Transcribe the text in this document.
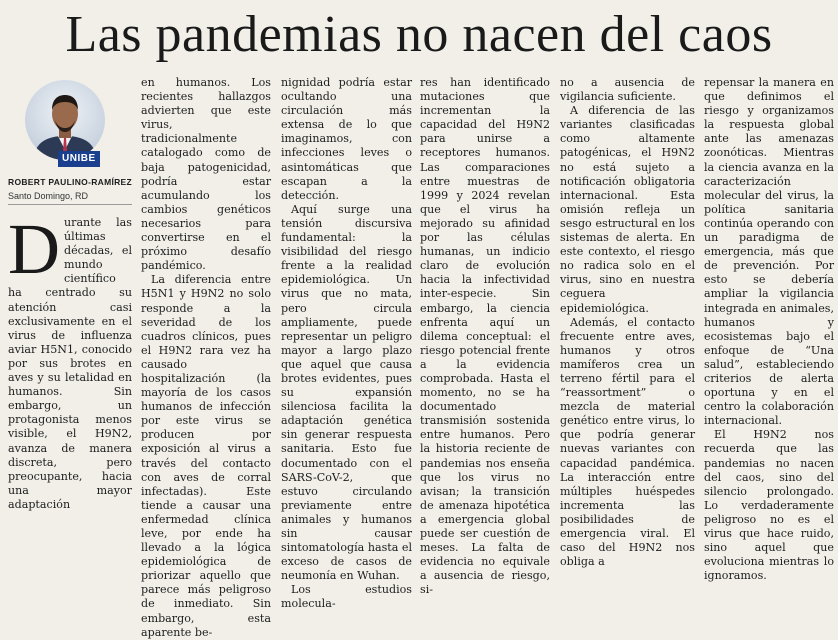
Las pandemias no nacen del caos
UNIBE
ROBERT PAULINO-RAMÍREZ
Santo Domingo, RD
D urante las últimas décadas, el mundo científico ha centrado su atención casi exclusivamente en el virus de influenza aviar H5N1, conocido por sus brotes en aves y su letalidad en humanos. Sin embargo, un protagonista menos visible, el H9N2, avanza de manera discreta, pero preocupante, hacia una mayor adaptación

en humanos. Los recientes hallazgos advierten que este virus, tradicionalmente catalogado como de baja patogenicidad, podría estar acumulando los cambios genéticos necesarios para convertirse en el próximo desafío pandémico.

La diferencia entre H5N1 y H9N2 no solo responde a la severidad de los cuadros clínicos, pues el H9N2 rara vez ha causado hospitalización (la mayoría de los casos humanos de infección por este virus se producen por exposición al virus a través del contacto con aves de corral infectadas). Este tiende a causar una enfermedad clínica leve, por ende ha llevado a la lógica epidemiológica de priorizar aquello que parece más peligroso de inmediato. Sin embargo, esta aparente be-

nignidad podría estar ocultando una circulación más extensa de lo que imaginamos, con infecciones leves o asintomáticas que escapan a la detección.

Aquí surge una tensión discursiva fundamental: la visibilidad del riesgo frente a la realidad epidemiológica. Un virus que no mata, pero circula ampliamente, puede representar un peligro mayor a largo plazo que aquel que causa brotes evidentes, pues su expansión silenciosa facilita la adaptación genética sin generar respuesta sanitaria. Esto fue documentado con el SARS-CoV-2, que estuvo circulando previamente entre animales y humanos sin causar sintomatología hasta el exceso de casos de neumonía en Wuhan.

Los estudios molecula-

res han identificado mutaciones que incrementan la capacidad del H9N2 para unirse a receptores humanos. Las comparaciones entre muestras de 1999 y 2024 revelan que el virus ha mejorado su afinidad por las células humanas, un indicio claro de evolución hacia la infectividad inter-especie. Sin embargo, la ciencia enfrenta aquí un dilema conceptual: el riesgo potencial frente a la evidencia comprobada. Hasta el momento, no se ha documentado transmisión sostenida entre humanos. Pero la historia reciente de pandemias nos enseña que los virus no avisan; la transición de amenaza hipotética a emergencia global puede ser cuestión de meses. La falta de evidencia no equivale a ausencia de riesgo, si-

no a ausencia de vigilancia suficiente.

A diferencia de las variantes clasificadas como altamente patogénicas, el H9N2 no está sujeto a notificación obligatoria internacional. Esta omisión refleja un sesgo estructural en los sistemas de alerta. En este contexto, el riesgo no radica solo en el virus, sino en nuestra ceguera epidemiológica.

Además, el contacto frecuente entre aves, humanos y otros mamíferos crea un terreno fértil para el “reassortment” o mezcla de material genético entre virus, lo que podría generar nuevas variantes con capacidad pandémica. La interacción entre múltiples huéspedes incrementa las posibilidades de emergencia viral. El caso del H9N2 nos obliga a

repensar la manera en que definimos el riesgo y organizamos la respuesta global ante las amenazas zoonóticas. Mientras la ciencia avanza en la caracterización molecular del virus, la política sanitaria continúa operando con un paradigma de emergencia, más que de prevención. Por esto se debería ampliar la vigilancia integrada en animales, humanos y ecosistemas bajo el enfoque de “Una salud”, estableciendo criterios de alerta oportuna y en el centro la colaboración internacional.

El H9N2 nos recuerda que las pandemias no nacen del caos, sino del silencio prolongado. Lo verdaderamente peligroso no es el virus que hace ruido, sino aquel que evoluciona mientras lo ignoramos.
